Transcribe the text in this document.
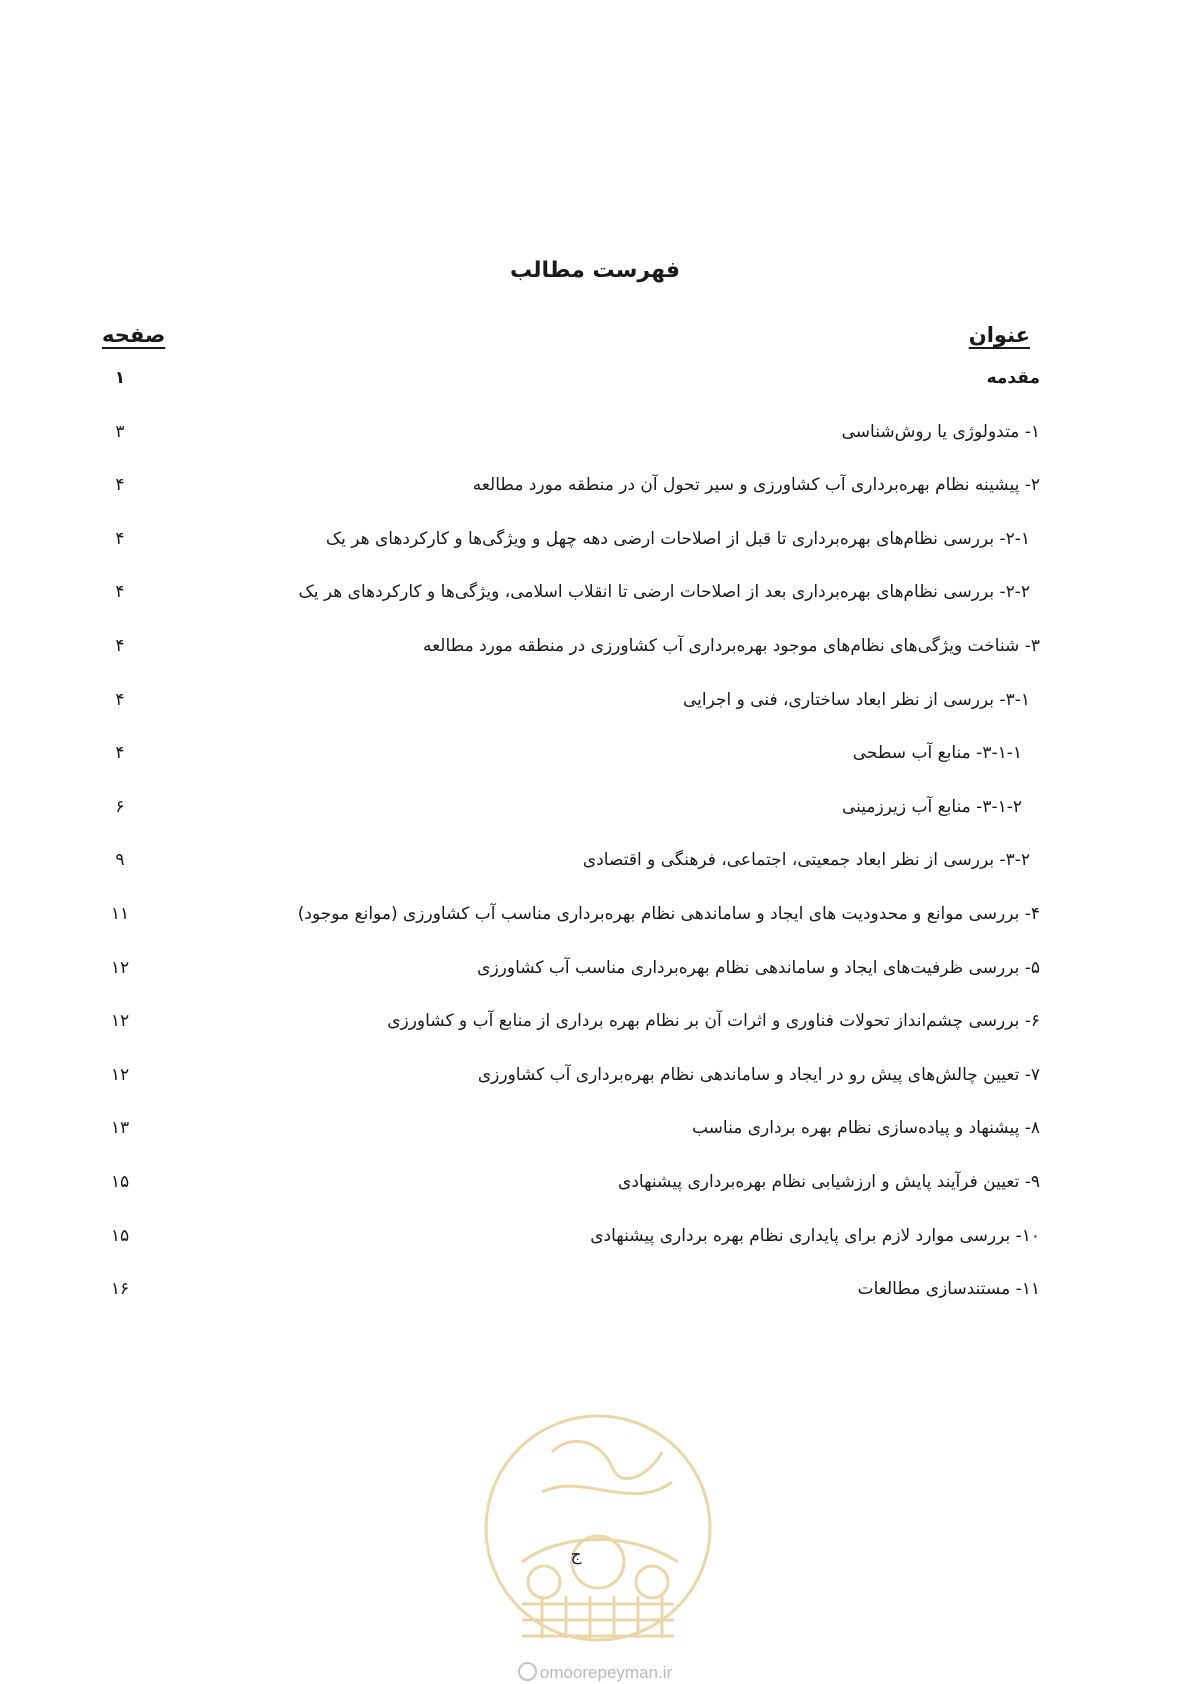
فهرست مطالب
عنوان
صفحه
مقدمه
۱
۱- متدولوژی یا روش‌شناسی
۳
۲- پیشینه نظام بهره‌برداری آب کشاورزی و سیر تحول آن در منطقه مورد مطالعه
۴
۲-۱- بررسی نظام‌های بهره‌برداری تا قبل از اصلاحات ارضی دهه چهل و ویژگی‌ها و کارکردهای هر یک
۴
۲-۲- بررسی نظام‌های بهره‌برداری بعد از اصلاحات ارضی تا انقلاب اسلامی، ویژگی‌ها و کارکردهای هر یک
۴
۳- شناخت ویژگی‌های نظام‌های موجود بهره‌برداری آب کشاورزی در منطقه مورد مطالعه
۴
۳-۱- بررسی از نظر ابعاد ساختاری، فنی و اجرایی
۴
۳-۱-۱- منابع آب سطحی
۴
۳-۱-۲- منابع آب زیرزمینی
۶
۳-۲- بررسی از نظر ابعاد جمعیتی، اجتماعی، فرهنگی و اقتصادی
۹
۴- بررسی موانع و محدودیت های ایجاد و ساماندهی نظام بهره‌برداری مناسب آب کشاورزی (موانع موجود)
۱۱
۵- بررسی ظرفیت‌های ایجاد و ساماندهی نظام بهره‌برداری مناسب آب کشاورزی
۱۲
۶- بررسی چشم‌انداز تحولات فناوری و اثرات آن بر نظام بهره برداری از منابع آب و کشاورزی
۱۲
۷- تعیین چالش‌های پیش رو در ایجاد و ساماندهی نظام بهره‌برداری آب کشاورزی
۱۲
۸- پیشنهاد و پیاده‌سازی نظام بهره برداری مناسب
۱۳
۹- تعیین فرآیند پایش و ارزشیابی نظام بهره‌برداری پیشنهادی
۱۵
۱۰- بررسی موارد لازم برای پایداری نظام بهره برداری پیشنهادی
۱۵
۱۱- مستندسازی مطالعات
۱۶
ج
omoorepeyman.ir
